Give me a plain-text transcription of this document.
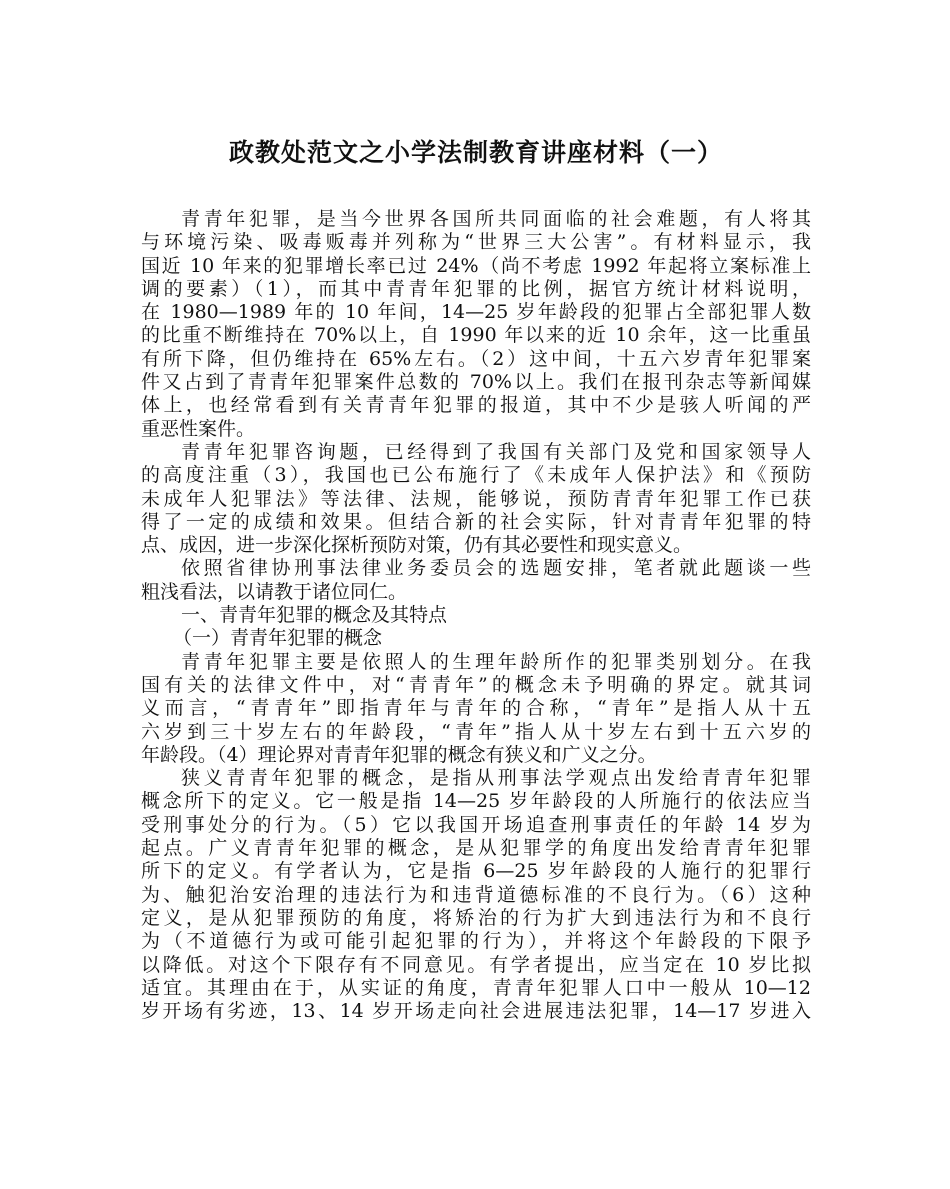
政教处范文之小学法制教育讲座材料（一）
青青年犯罪，是当今世界各国所共同面临的社会难题，有人将其
与环境污染、吸毒贩毒并列称为“世界三大公害”。有材料显示，我
国近 10 年来的犯罪增长率已过 24%（尚不考虑 1992 年起将立案标准上
调的要素）（1），而其中青青年犯罪的比例，据官方统计材料说明，
在 1980—1989 年的 10 年间，14—25 岁年龄段的犯罪占全部犯罪人数
的比重不断维持在 70%以上，自 1990 年以来的近 10 余年，这一比重虽
有所下降，但仍维持在 65%左右。（2）这中间，十五六岁青年犯罪案
件又占到了青青年犯罪案件总数的 70%以上。我们在报刊杂志等新闻媒
体上，也经常看到有关青青年犯罪的报道，其中不少是骇人听闻的严
重恶性案件。
青青年犯罪咨询题，已经得到了我国有关部门及党和国家领导人
的高度注重（3），我国也已公布施行了《未成年人保护法》和《预防
未成年人犯罪法》等法律、法规，能够说，预防青青年犯罪工作已获
得了一定的成绩和效果。但结合新的社会实际，针对青青年犯罪的特
点、成因，进一步深化探析预防对策，仍有其必要性和现实意义。
依照省律协刑事法律业务委员会的选题安排，笔者就此题谈一些
粗浅看法，以请教于诸位同仁。
一、青青年犯罪的概念及其特点
（一）青青年犯罪的概念
青青年犯罪主要是依照人的生理年龄所作的犯罪类别划分。在我
国有关的法律文件中，对“青青年”的概念未予明确的界定。就其词
义而言，“青青年”即指青年与青年的合称，“青年”是指人从十五
六岁到三十岁左右的年龄段，“青年”指人从十岁左右到十五六岁的
年龄段。（4）理论界对青青年犯罪的概念有狭义和广义之分。
狭义青青年犯罪的概念，是指从刑事法学观点出发给青青年犯罪
概念所下的定义。它一般是指 14—25 岁年龄段的人所施行的依法应当
受刑事处分的行为。（5）它以我国开场追查刑事责任的年龄 14 岁为
起点。广义青青年犯罪的概念，是从犯罪学的角度出发给青青年犯罪
所下的定义。有学者认为，它是指 6—25 岁年龄段的人施行的犯罪行
为、触犯治安治理的违法行为和违背道德标准的不良行为。（6）这种
定义，是从犯罪预防的角度，将矫治的行为扩大到违法行为和不良行
为（不道德行为或可能引起犯罪的行为），并将这个年龄段的下限予
以降低。对这个下限存有不同意见。有学者提出，应当定在 10 岁比拟
适宜。其理由在于，从实证的角度，青青年犯罪人口中一般从 10—12
岁开场有劣迹，13、14 岁开场走向社会进展违法犯罪，14—17 岁进入
